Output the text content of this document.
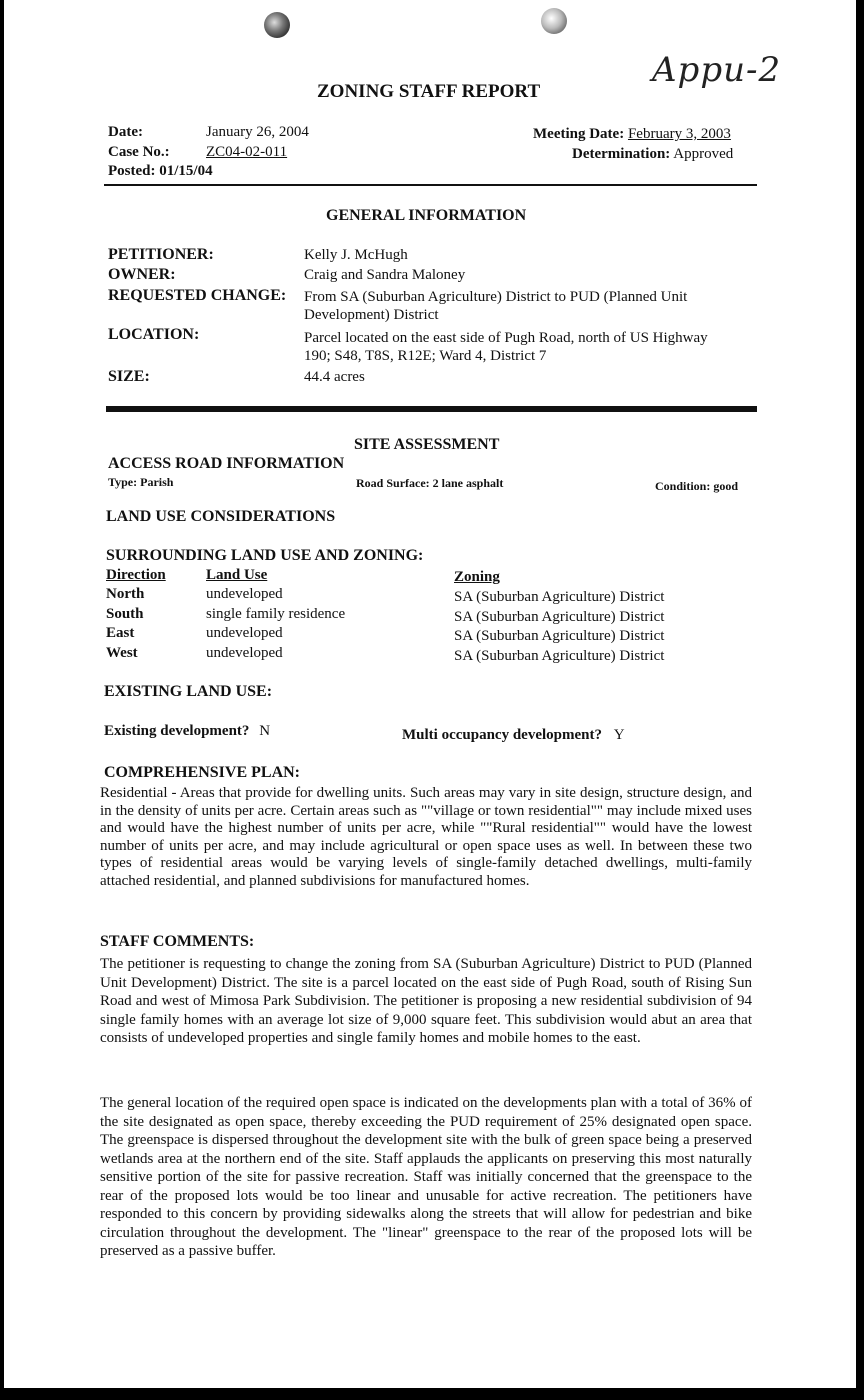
Appu-2
ZONING STAFF REPORT
Date:	January 26, 2004
Case No.: ZC04-02-011
Posted: 01/15/04
Meeting Date: February 3, 2003
Determination: Approved
GENERAL INFORMATION
PETITIONER:	Kelly J. McHugh
OWNER:	Craig and Sandra Maloney
REQUESTED CHANGE: From SA (Suburban Agriculture) District to PUD (Planned Unit
Development) District
LOCATION:	Parcel located on the east side of Pugh Road, north of US Highway
190; S48, T8S, R12E; Ward 4, District 7
SIZE:	44.4 acres
SITE ASSESSMENT
ACCESS ROAD INFORMATION
Type: Parish	Road Surface: 2 lane asphalt	Condition: good
LAND USE CONSIDERATIONS
SURROUNDING LAND USE AND ZONING:
Direction	Land Use	Zoning
North	undeveloped	SA (Suburban Agriculture) District
South	single family residence	SA (Suburban Agriculture) District
East	undeveloped	SA (Suburban Agriculture) District
West	undeveloped	SA (Suburban Agriculture) District
EXISTING LAND USE:
Existing development? N	Multi occupancy development? Y
COMPREHENSIVE PLAN:
Residential - Areas that provide for dwelling units. Such areas may vary in site design, structure design, and in the density of units per acre. Certain areas such as ""village or town residential"" may include mixed uses and would have the highest number of units per acre, while ""Rural residential"" would have the lowest number of units per acre, and may include agricultural or open space uses as well. In between these two types of residential areas would be varying levels of single-family detached dwellings, multi-family attached residential, and planned subdivisions for manufactured homes.
STAFF COMMENTS:
The petitioner is requesting to change the zoning from SA (Suburban Agriculture) District to PUD (Planned Unit Development) District. The site is a parcel located on the east side of Pugh Road, south of Rising Sun Road and west of Mimosa Park Subdivision. The petitioner is proposing a new residential subdivision of 94 single family homes with an average lot size of 9,000 square feet. This subdivision would abut an area that consists of undeveloped properties and single family homes and mobile homes to the east.
The general location of the required open space is indicated on the developments plan with a total of 36% of the site designated as open space, thereby exceeding the PUD requirement of 25% designated open space. The greenspace is dispersed throughout the development site with the bulk of green space being a preserved wetlands area at the northern end of the site. Staff applauds the applicants on preserving this most naturally sensitive portion of the site for passive recreation. Staff was initially concerned that the greenspace to the rear of the proposed lots would be too linear and unusable for active recreation. The petitioners have responded to this concern by providing sidewalks along the streets that will allow for pedestrian and bike circulation throughout the development. The "linear" greenspace to the rear of the proposed lots will be preserved as a passive buffer.
